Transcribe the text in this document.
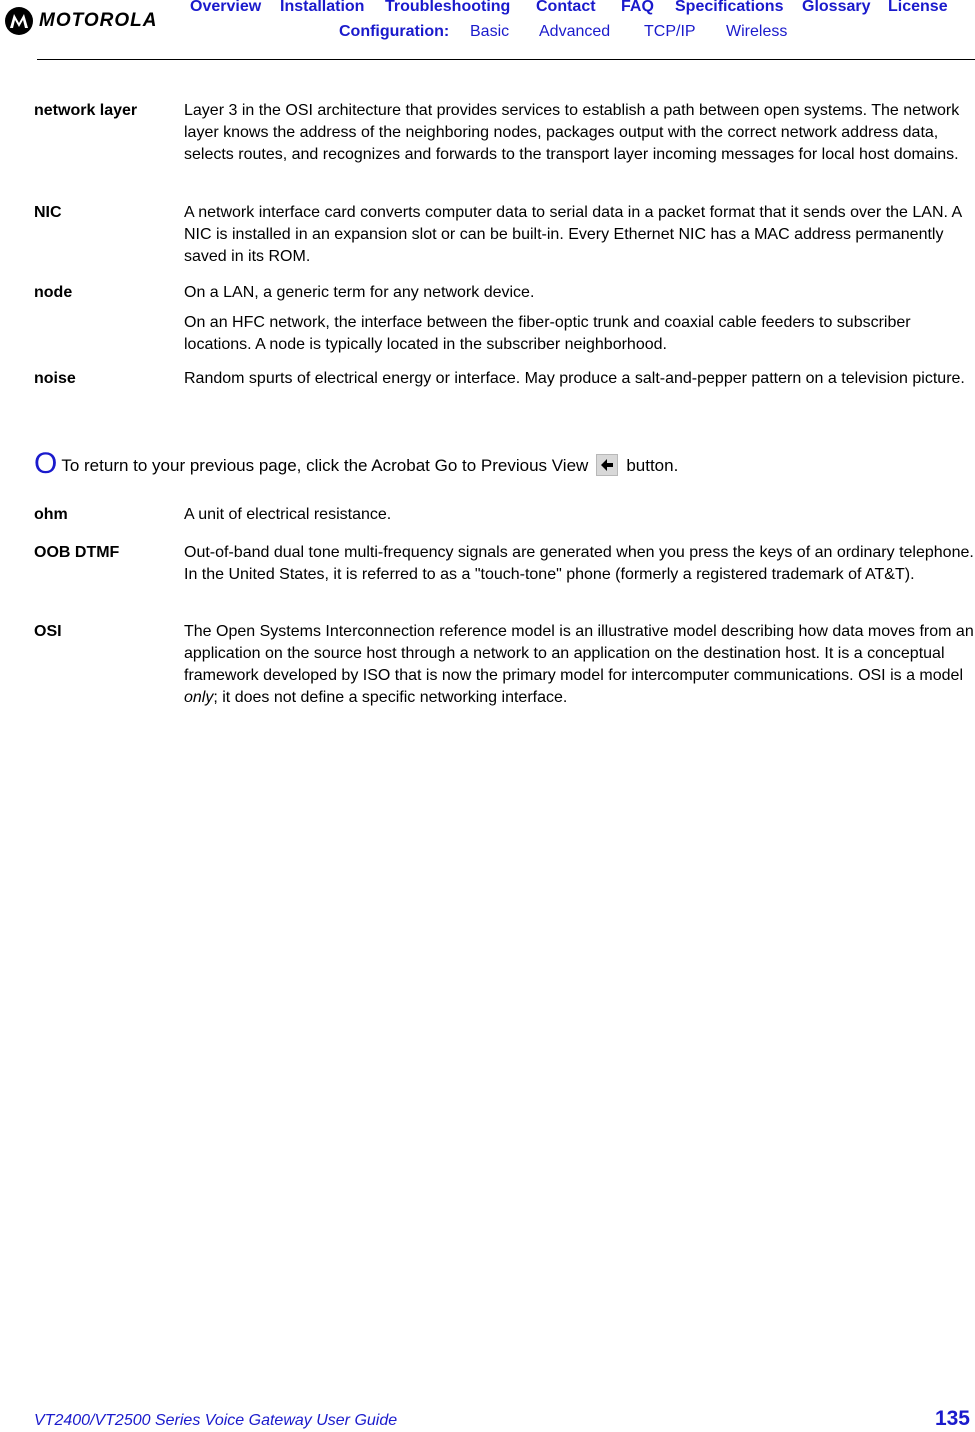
MOTOROLA
Overview Installation Troubleshooting Contact FAQ Specifications Glossary License
Configuration: Basic Advanced TCP/IP Wireless
network layer	Layer 3 in the OSI architecture that provides services to establish a path between open systems. The network layer knows the address of the neighboring nodes, packages output with the correct network address data, selects routes, and recognizes and forwards to the transport layer incoming messages for local host domains.

NIC	A network interface card converts computer data to serial data in a packet format that it sends over the LAN. A NIC is installed in an expansion slot or can be built-in. Every Ethernet NIC has a MAC address permanently saved in its ROM.

node	On a LAN, a generic term for any network device.

On an HFC network, the interface between the fiber-optic trunk and coaxial cable feeders to subscriber locations. A node is typically located in the subscriber neighborhood.

noise	Random spurts of electrical energy or interface. May produce a salt-and-pepper pattern on a television picture.

O To return to your previous page, click the Acrobat Go to Previous View button.
ohm	A unit of electrical resistance.

OOB DTMF	Out-of-band dual tone multi-frequency signals are generated when you press the keys of an ordinary telephone. In the United States, it is referred to as a "touch-tone" phone (formerly a registered trademark of AT&T).

OSI	The Open Systems Interconnection reference model is an illustrative model describing how data moves from an application on the source host through a network to an application on the destination host. It is a conceptual framework developed by ISO that is now the primary model for intercomputer communications. OSI is a model only; it does not define a specific networking interface.

VT2400/VT2500 Series Voice Gateway User Guide	135
